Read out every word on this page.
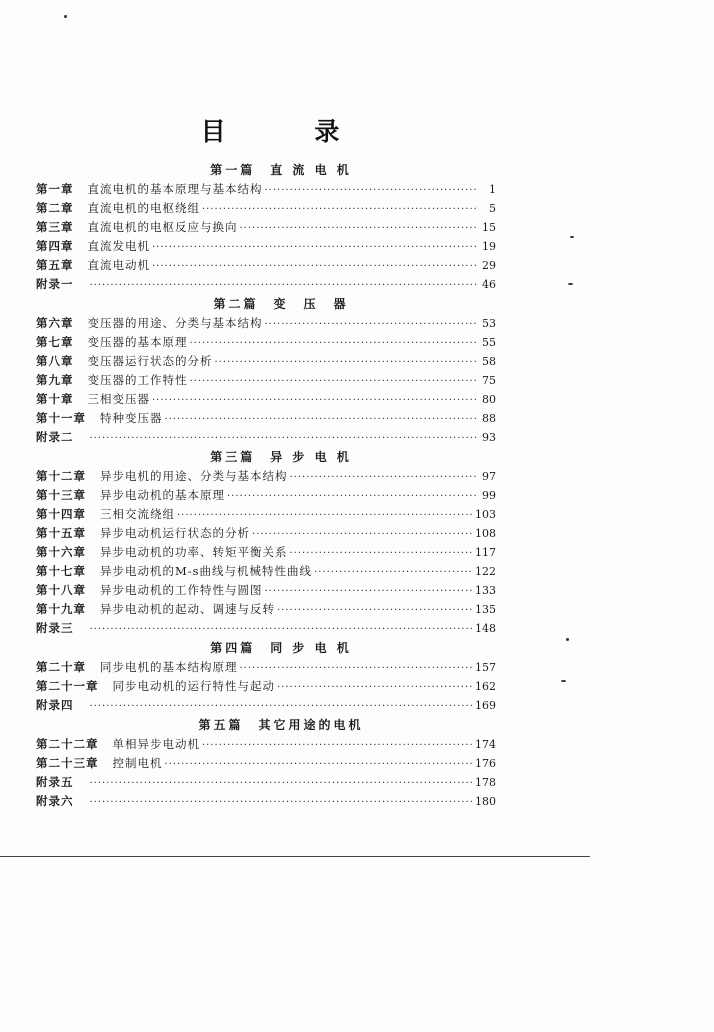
目 录
第一篇　直 流 电 机
第一章 直流电机的基本原理与基本结构 ·····	1
第二章 直流电机的电枢绕组 ·····	5
第三章 直流电机的电枢反应与换向 ·····	15
第四章 直流发电机 ·····	19
第五章 直流电动机 ·····	29
附录一 ·····	46
第二篇　变　压　器
第六章 变压器的用途、分类与基本结构 ·····	53
第七章 变压器的基本原理 ·····	55
第八章 变压器运行状态的分析 ·····	58
第九章 变压器的工作特性 ·····	75
第十章 三相变压器 ·····	80
第十一章 特种变压器 ·····	88
附录二 ·····	93
第三篇　异 步 电 机
第十二章 异步电机的用途、分类与基本结构 ·····	97
第十三章 异步电动机的基本原理 ·····	99
第十四章 三相交流绕组 ·····	103
第十五章 异步电动机运行状态的分析 ·····	108
第十六章 异步电动机的功率、转矩平衡关系 ·····	117
第十七章 异步电动机的M-s曲线与机械特性曲线 ·····	122
第十八章 异步电动机的工作特性与圆图 ·····	133
第十九章 异步电动机的起动、调速与反转 ·····	135
附录三 ·····	148
第四篇　同 步 电 机
第二十章 同步电机的基本结构原理 ·····	157
第二十一章 同步电动机的运行特性与起动 ·····	162
附录四 ·····	169
第五篇　其它用途的电机
第二十二章 单相异步电动机 ·····	174
第二十三章 控制电机 ·····	176
附录五 ·····	178
附录六 ·····	180
